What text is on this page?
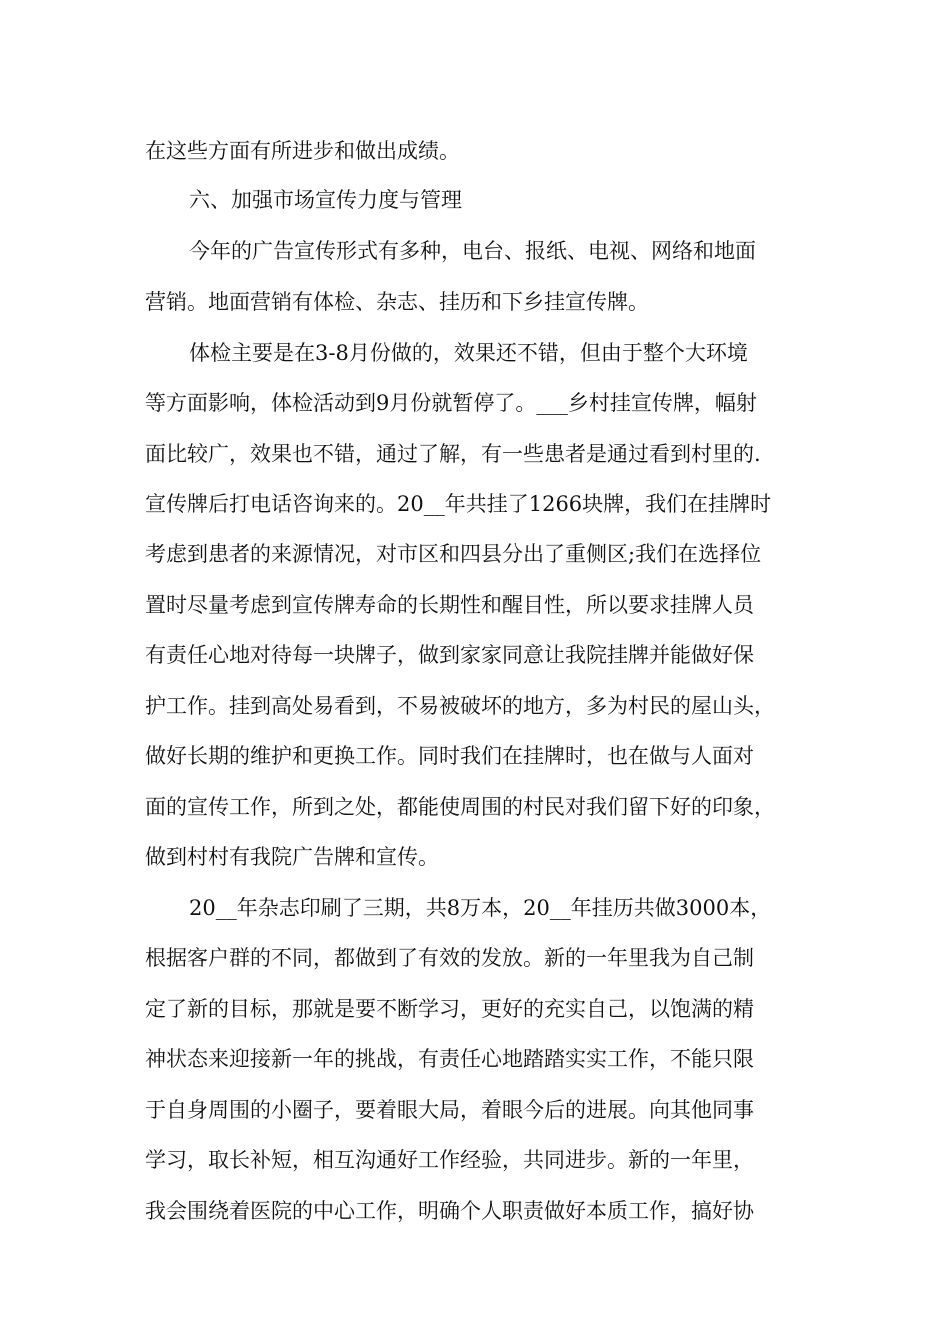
在这些方面有所进步和做出成绩。
六、加强市场宣传力度与管理
今年的广告宣传形式有多种，电台、报纸、电视、网络和地面
营销。地面营销有体检、杂志、挂历和下乡挂宣传牌。
体检主要是在3-8月份做的，效果还不错，但由于整个大环境
等方面影响，体检活动到9月份就暂停了。___乡村挂宣传牌，幅射
面比较广，效果也不错，通过了解，有一些患者是通过看到村里的.
宣传牌后打电话咨询来的。20__年共挂了1266块牌，我们在挂牌时
考虑到患者的来源情况，对市区和四县分出了重侧区;我们在选择位
置时尽量考虑到宣传牌寿命的长期性和醒目性，所以要求挂牌人员
有责任心地对待每一块牌子，做到家家同意让我院挂牌并能做好保
护工作。挂到高处易看到，不易被破坏的地方，多为村民的屋山头，
做好长期的维护和更换工作。同时我们在挂牌时，也在做与人面对
面的宣传工作，所到之处，都能使周围的村民对我们留下好的印象，
做到村村有我院广告牌和宣传。
20__年杂志印刷了三期，共8万本，20__年挂历共做3000本，
根据客户群的不同，都做到了有效的发放。新的一年里我为自己制
定了新的目标，那就是要不断学习，更好的充实自己，以饱满的精
神状态来迎接新一年的挑战，有责任心地踏踏实实工作，不能只限
于自身周围的小圈子，要着眼大局，着眼今后的进展。向其他同事
学习，取长补短，相互沟通好工作经验，共同进步。新的一年里，
我会围绕着医院的中心工作，明确个人职责做好本质工作，搞好协
